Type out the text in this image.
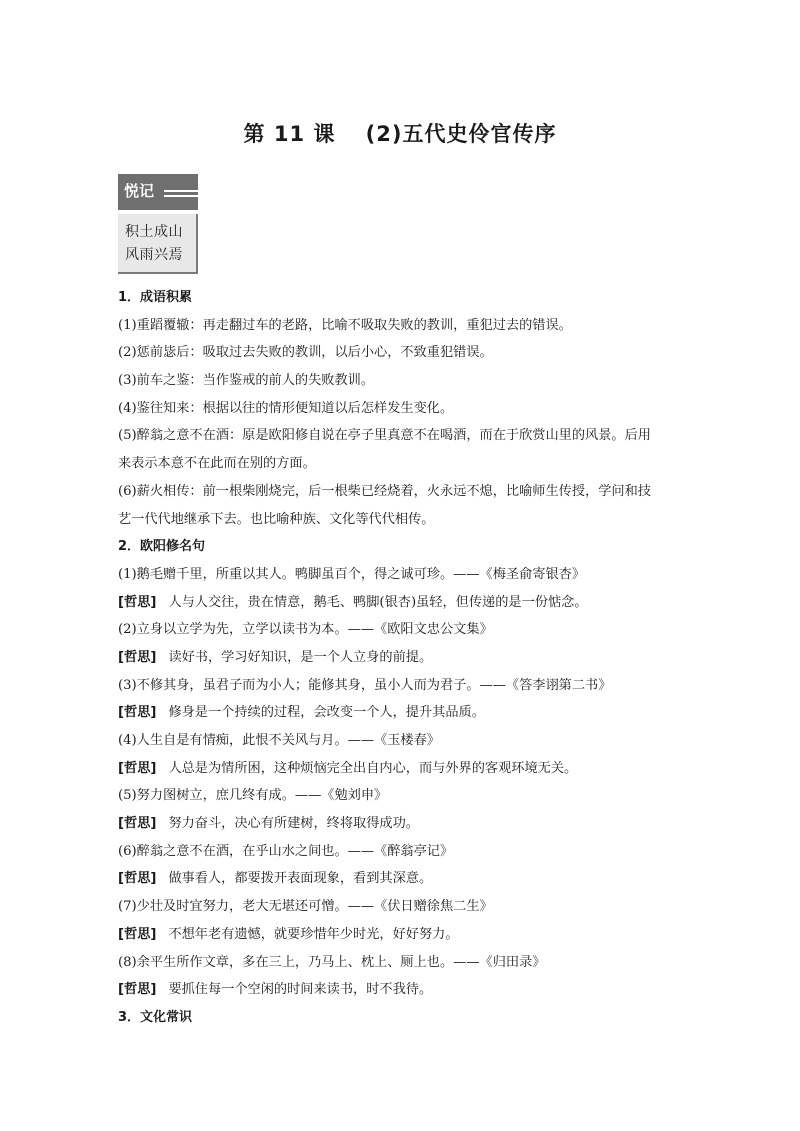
第 11 课　 (2)五代史伶官传序
悦记
积土成山
风雨兴焉
1．成语积累
(1)重蹈覆辙：再走翻过车的老路，比喻不吸取失败的教训，重犯过去的错误。
(2)惩前毖后：吸取过去失败的教训，以后小心，不致重犯错误。
(3)前车之鉴：当作鉴戒的前人的失败教训。
(4)鉴往知来：根据以往的情形便知道以后怎样发生变化。
(5)醉翁之意不在酒：原是欧阳修自说在亭子里真意不在喝酒，而在于欣赏山里的风景。后用
来表示本意不在此而在别的方面。
(6)薪火相传：前一根柴刚烧完，后一根柴已经烧着，火永远不熄，比喻师生传授，学问和技
艺一代代地继承下去。也比喻种族、文化等代代相传。
2．欧阳修名句
(1)鹅毛赠千里，所重以其人。鸭脚虽百个，得之诚可珍。——《梅圣俞寄银杏》
[哲思] 人与人交往，贵在情意，鹅毛、鸭脚(银杏)虽轻，但传递的是一份惦念。
(2)立身以立学为先，立学以读书为本。——《欧阳文忠公文集》
[哲思] 读好书，学习好知识，是一个人立身的前提。
(3)不修其身，虽君子而为小人；能修其身，虽小人而为君子。——《答李诩第二书》
[哲思] 修身是一个持续的过程，会改变一个人，提升其品质。
(4)人生自是有情痴，此恨不关风与月。——《玉楼春》
[哲思] 人总是为情所困，这种烦恼完全出自内心，而与外界的客观环境无关。
(5)努力图树立，庶几终有成。——《勉刘申》
[哲思] 努力奋斗，决心有所建树，终将取得成功。
(6)醉翁之意不在酒，在乎山水之间也。——《醉翁亭记》
[哲思] 做事看人，都要拨开表面现象，看到其深意。
(7)少壮及时宜努力，老大无堪还可憎。——《伏日赠徐焦二生》
[哲思] 不想年老有遗憾，就要珍惜年少时光，好好努力。
(8)余平生所作文章，多在三上，乃马上、枕上、厕上也。——《归田录》
[哲思] 要抓住每一个空闲的时间来读书，时不我待。
3．文化常识
